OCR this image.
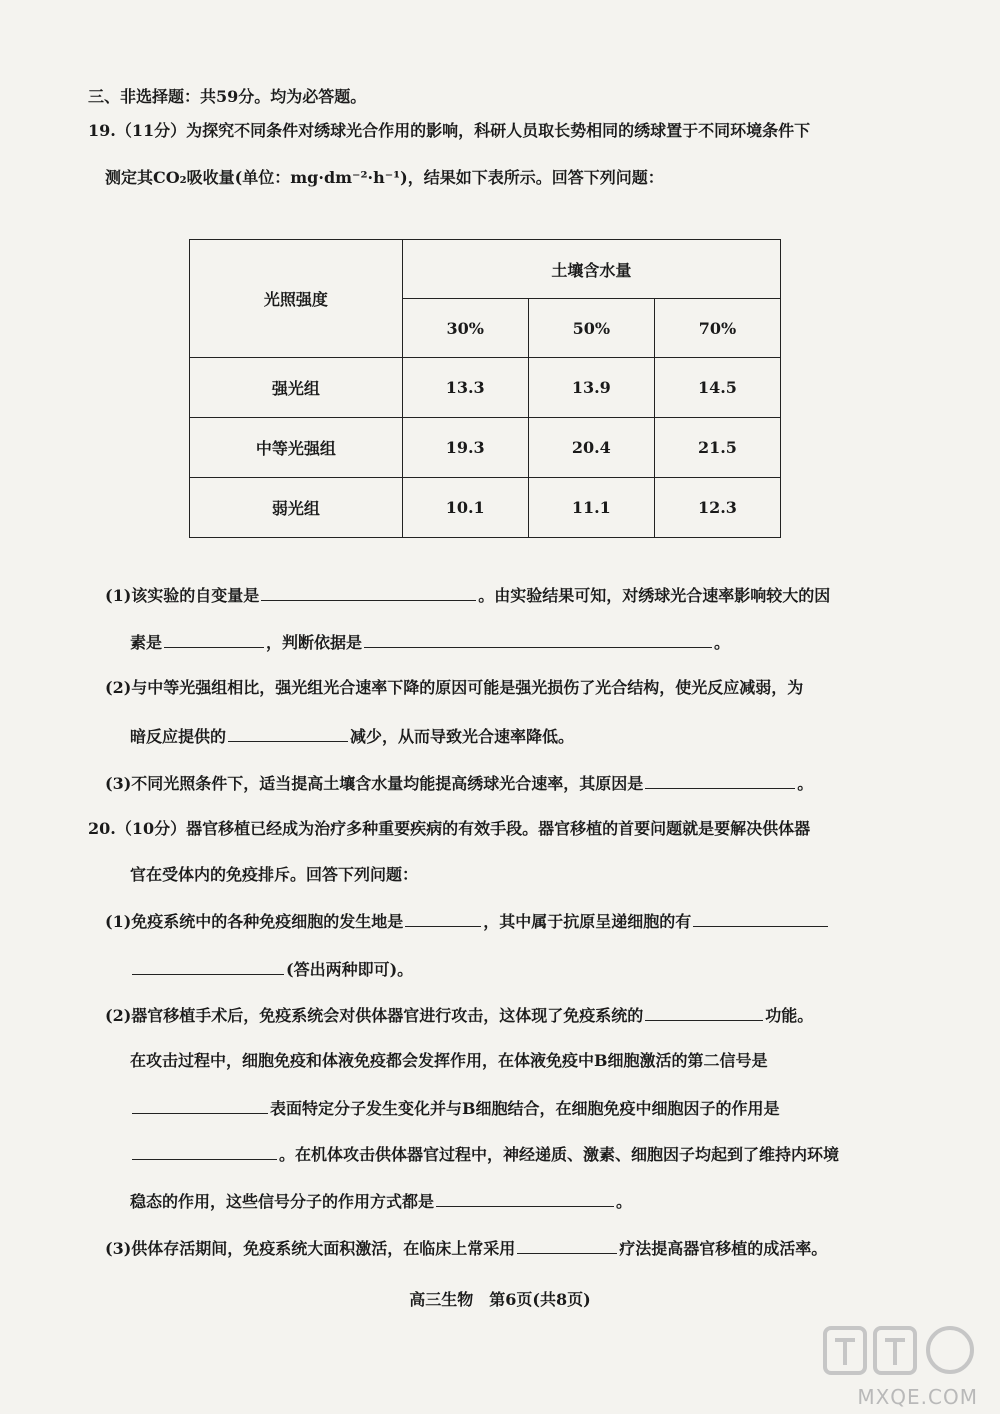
三、非选择题：共59分。均为必答题。
19.（11分）为探究不同条件对绣球光合作用的影响，科研人员取长势相同的绣球置于不同环境条件下
测定其CO₂吸收量(单位：mg·dm⁻²·h⁻¹)，结果如下表所示。回答下列问题：
光照强度	土壤含水量		
	30%	50%	70%
强光组	13.3	13.9	14.5
中等光强组	19.3	20.4	21.5
弱光组	10.1	11.1	12.3
(1)该实验的自变量是	。由实验结果可知，对绣球光合速率影响较大的因
素是	，判断依据是	。
(2)与中等光强组相比，强光组光合速率下降的原因可能是强光损伤了光合结构，使光反应减弱，为
暗反应提供的	减少，从而导致光合速率降低。
(3)不同光照条件下，适当提高土壤含水量均能提高绣球光合速率，其原因是	。
20.（10分）器官移植已经成为治疗多种重要疾病的有效手段。器官移植的首要问题就是要解决供体器
官在受体内的免疫排斥。回答下列问题：
(1)免疫系统中的各种免疫细胞的发生地是	，其中属于抗原呈递细胞的有
(答出两种即可)。
(2)器官移植手术后，免疫系统会对供体器官进行攻击，这体现了免疫系统的	功能。
在攻击过程中，细胞免疫和体液免疫都会发挥作用，在体液免疫中B细胞激活的第二信号是
表面特定分子发生变化并与B细胞结合，在细胞免疫中细胞因子的作用是
。在机体攻击供体器官过程中，神经递质、激素、细胞因子均起到了维持内环境
稳态的作用，这些信号分子的作用方式都是	。
(3)供体存活期间，免疫系统大面积激活，在临床上常采用	疗法提高器官移植的成活率。
高三生物　第6页(共8页)
MXQE.COM
